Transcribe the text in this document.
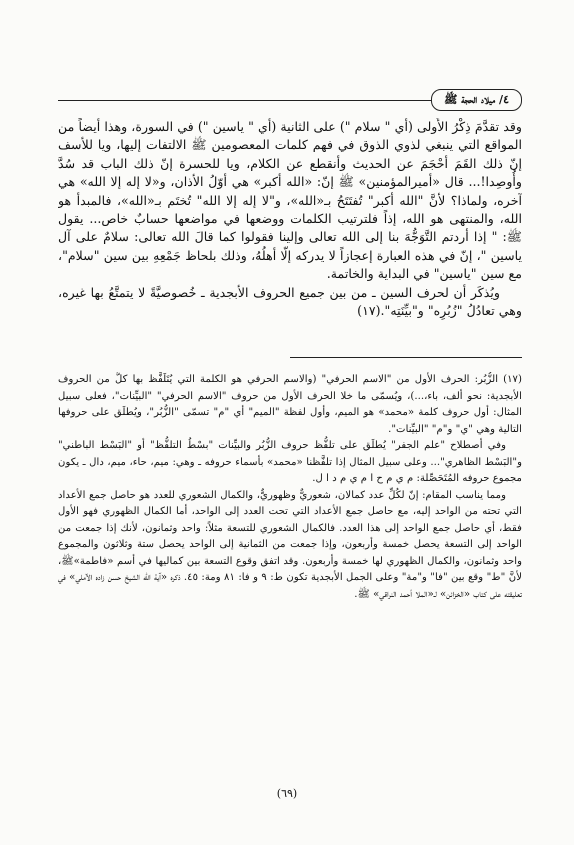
٤/ ميلاد الحجة ﷺ

وقد تقدَّمَ ذِكْرُ الأُولى (أي " سلام ") على الثانية (أي " ياسين ") في السورة، وهذا أيضاً من المواقع التي ينبغي لذوي الذوق في فهم كلمات المعصومين ﷺ الالتفات إليها، ويا للأسف إنّ ذلك القَمَ أحْجَمَ عن الحديث وأنقطع عن الكلام، ويا للحسرة إنّ ذلك الباب قد سُدَّ وأُوصِدا!... قال «أميرالمؤمنين» ﷺ إنّ: «الله أكبر» هي أوّلُ الأذان، و«لا إله إلا الله» هي آخره، ولماذا؟ لأنَّ "الله أكبر" تُفتَتَحُ بـ«الله»، و"لا إله إلا الله" تُختَم بـ«الله»، فالمبدأ هو الله، والمنتهى هو الله، إذاً فلترتيب الكلمات ووضعها في مواضعها حسابٌ خاص... يقول ﷺ: " إذا أردتم التَّوَجُّهَ بنا إلى الله تعالى وإلينا فقولوا كما قالَ الله تعالى: سلامٌ على آل ياسين "، إنّ في هذه العبارة إعجازاً لا يدركه إلّا أهلُهُ، وذلك بلحاظ جَمْعِهِ بين سين "سلام"، مع سين "ياسين" في البداية والخاتمة.

ويُذكَر أن لحرف السين ـ من بين جميع الحروف الأبجدية ـ خُصوصيَّةً لا يتمتَّعُ بها غيره، وهي تعادُلُ "زُبُرِه" و"بيِّنَتِه".(١٧)

(١٧) الزُّبُر: الحرف الأول من "الاسم الحرفي" (والاسم الحرفي هو الكلمة التي يُتَلَفَّظ بها كلُّ من الحروف الأبجدية: نحو ألف، باء،...)، ويُسمّى ما خلا الحرف الأول من حروف "الاسم الحرفي" "البيِّنات"، فعلى سبيل المثال: أول حروف كلمة «محمد» هو الميم، وأول لفظة "الميم" أي "م" تسمّى "الزُّبُر"، ويُطلَق على حروفها التالية وهي "ي" و"م" "البيِّنات".

وفي أصطلاح "علم الجفر" يُطلَق على تلفُّظ حروف الزُّبُر والبيِّنات "بسْطُ التلفُّظ" أو "البَسْط الباطني" و"البَسْط الظاهري"... وعلى سبيل المثال إذا تلفَّظنا «محمد» بأسماء حروفه ـ وهي: ميم، حاء، ميم، دال ـ يكون مجموع حروفه المُتَحَصِّلة: م ي م ح ا م ي م د ا ل.

ومما يناسب المقام: إنّ لكُلِّ عدد كمالان، شعوريٌّ وظهوريٌّ، والكمال الشعوري للعدد هو حاصل جمع الأعداد التي تحته من الواحد إليه، مع حاصل جمع الأعداد التي تحت العدد إلى الواحد، أما الكمال الظهوري فهو الأول فقط، أي حاصل جمع الواحد إلى هذا العدد. فالكمال الشعوري للتسعة مثلاً: واحد وثمانون، لأنك إذا جمعت من الواحد إلى التسعة يحصل خمسة وأربعون، وإذا جمعت من الثمانية إلى الواحد يحصل ستة وثلاثون والمجموع واحد وثمانون، والكمال الظهوري لها خمسة وأربعون. وقد اتفق وقوع التسعة بين كماليها في أسم «فاطمة»ﷺ، لأنَّ "ط" وقع بين "فا" و"مة" وعلى الجمل الأبجدية تكون ط: ٩ و فا: ٨١ ومة: ٤٥. ذكره «آية الله الشيخ حسن زاده الآملي» في تعليقته على كتاب «الخزائن» لـ«الملا أحمد النراقي» ﷺ.

(٦٩)
